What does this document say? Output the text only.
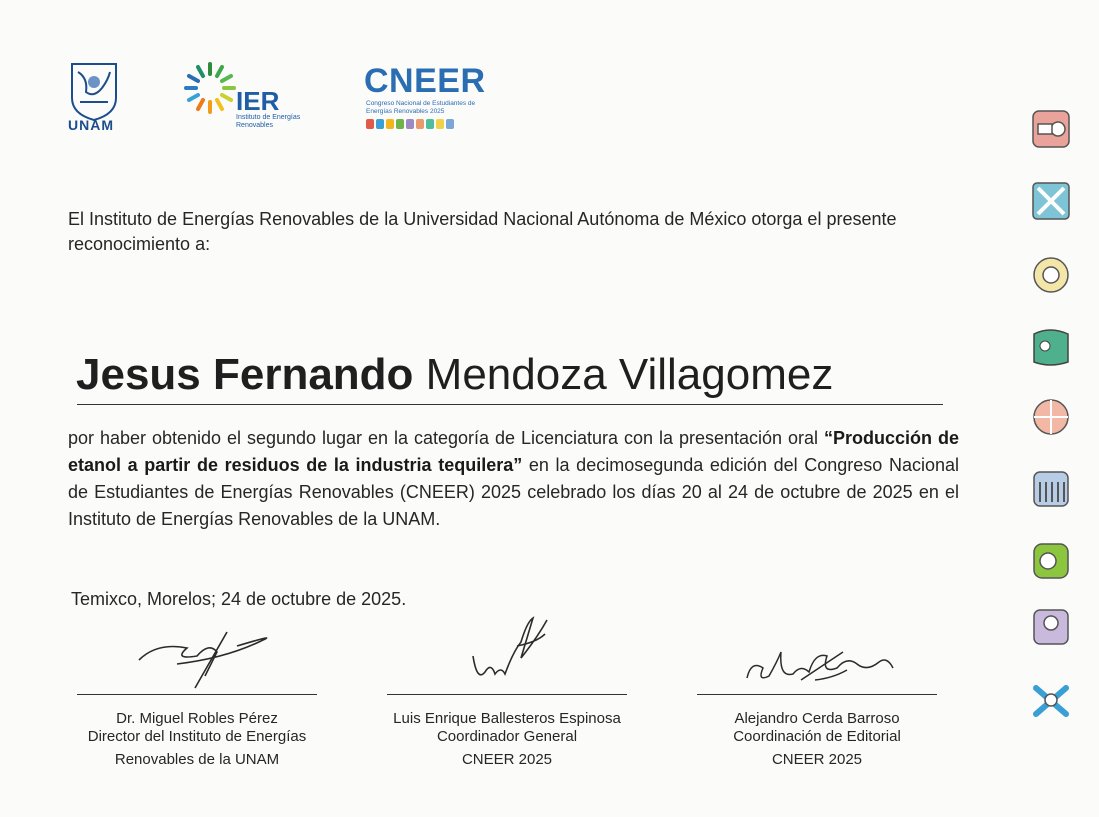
UNAM
IER
Instituto de Energías Renovables
CNEER
Congreso Nacional de Estudiantes de Energías Renovables 2025
El Instituto de Energías Renovables de la Universidad Nacional Autónoma de México otorga el presente reconocimiento a:
Jesus Fernando Mendoza Villagomez
por haber obtenido el segundo lugar en la categoría de Licenciatura con la presentación oral “Producción de etanol a partir de residuos de la industria tequilera” en la decimosegunda edición del Congreso Nacional de Estudiantes de Energías Renovables (CNEER) 2025 celebrado los días 20 al 24 de octubre de 2025 en el Instituto de Energías Renovables de la UNAM.
Temixco, Morelos; 24 de octubre de 2025.
Dr. Miguel Robles Pérez
Director del Instituto de Energías
Renovables de la UNAM
Luis Enrique Ballesteros Espinosa
Coordinador General
CNEER 2025
Alejandro Cerda Barroso
Coordinación de Editorial
CNEER 2025
